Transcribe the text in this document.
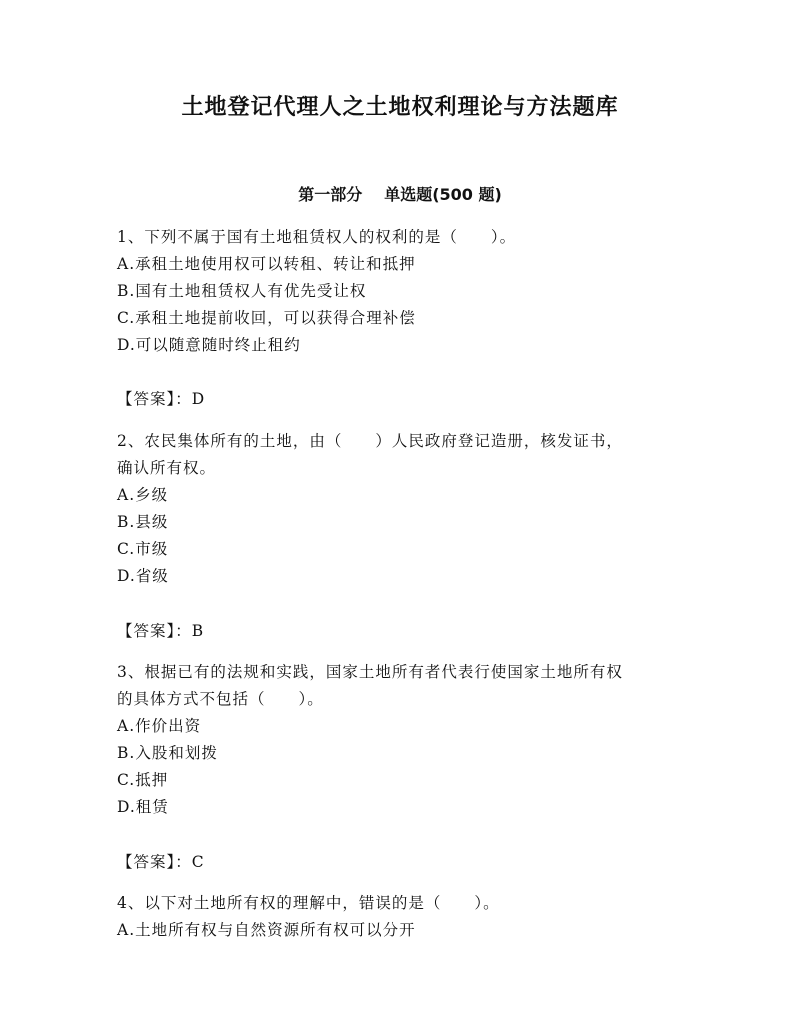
土地登记代理人之土地权利理论与方法题库
第一部分 单选题(500 题)
1、下列不属于国有土地租赁权人的权利的是（　　）。
A.承租土地使用权可以转租、转让和抵押
B.国有土地租赁权人有优先受让权
C.承租土地提前收回，可以获得合理补偿
D.可以随意随时终止租约
【答案】：D
2、农民集体所有的土地，由（　　）人民政府登记造册，核发证书，
确认所有权。
A.乡级
B.县级
C.市级
D.省级
【答案】：B
3、根据已有的法规和实践，国家土地所有者代表行使国家土地所有权
的具体方式不包括（　　）。
A.作价出资
B.入股和划拨
C.抵押
D.租赁
【答案】：C
4、以下对土地所有权的理解中，错误的是（　　）。
A.土地所有权与自然资源所有权可以分开
